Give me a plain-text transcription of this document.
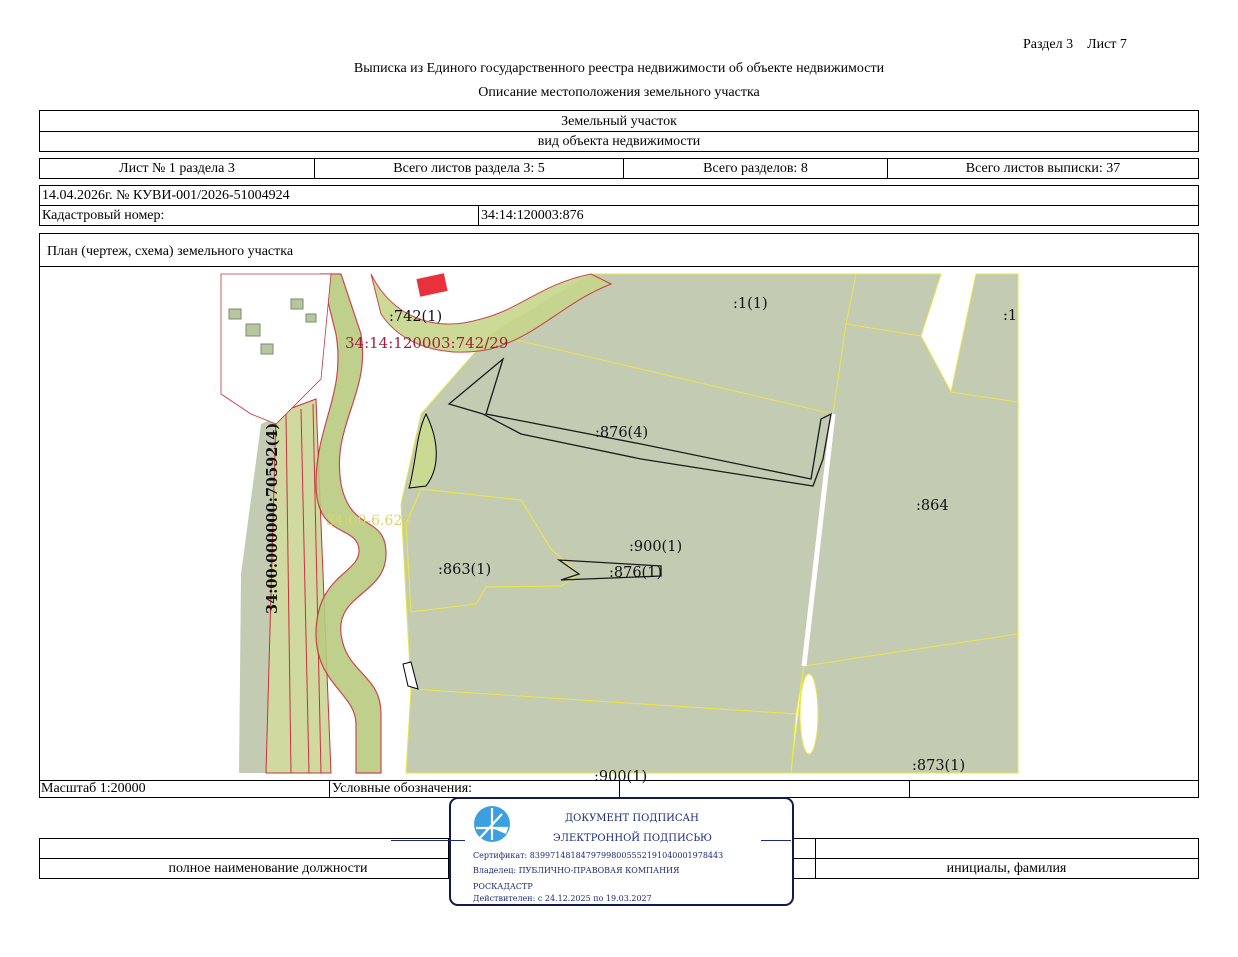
Раздел 3    Лист 7
Выписка из Единого государственного реестра недвижимости об объекте недвижимости
Описание местоположения земельного участка
Земельный участок
вид объекта недвижимости
Лист № 1 раздела 3	Всего листов раздела 3: 5	Всего разделов: 8	Всего листов выписки: 37
14.04.2026г. № КУВИ-001/2026-51004924
Кадастровый номер:	34:14:120003:876
План (чертеж, схема) земельного участка
:742(1)
:1(1)
:1
34:14:120003:742/29
:876(4)
:864
34:00-6.625
:900(1)
:863(1)	:876(1)
:873(1)
:900(1)
34:00:000000:70592(4)
Масштаб 1:20000	Условные обозначения:
полное наименование должности	инициалы, фамилия
ДОКУМЕНТ ПОДПИСАН
ЭЛЕКТРОННОЙ ПОДПИСЬЮ
Сертификат: 8399714818479799800555219104000197844З
Владелец: ПУБЛИЧНО-ПРАВОВАЯ КОМПАНИЯ
РОСКАДАСТР
Действителен: с 24.12.2025 по 19.03.2027
